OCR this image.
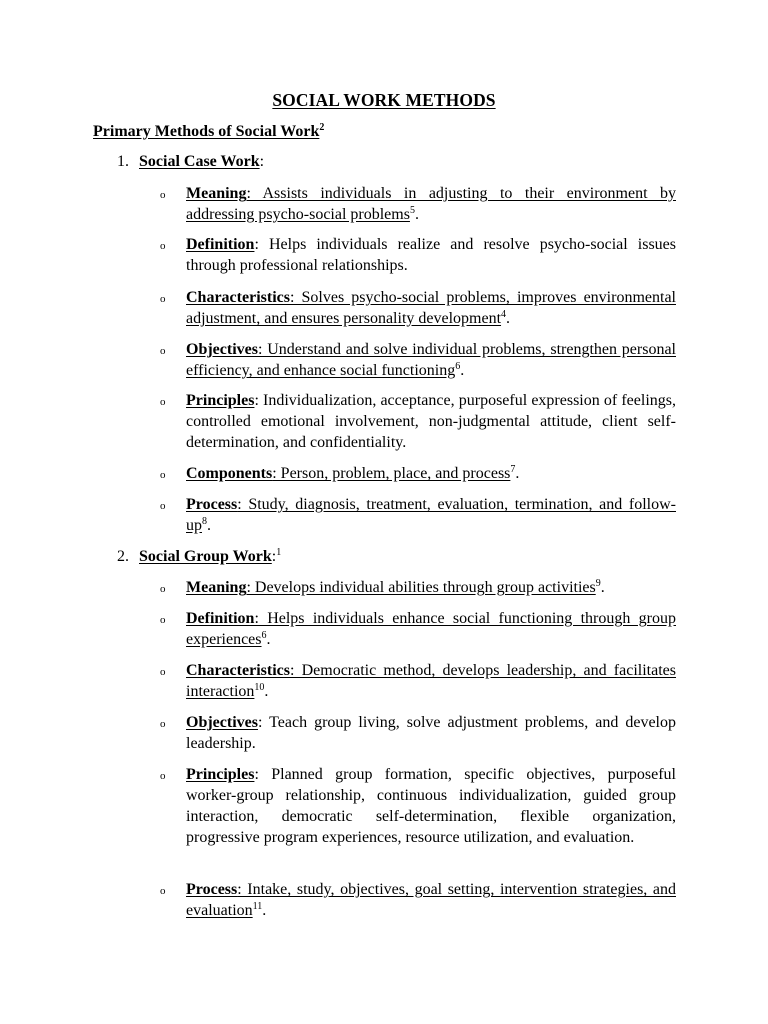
SOCIAL WORK METHODS
Primary Methods of Social Work$^2$
1. Social Case Work:
o Meaning: Assists individuals in adjusting to their environment by addressing psycho-social problems$^5$.
o Definition: Helps individuals realize and resolve psycho-social issues through professional relationships.
o Characteristics: Solves psycho-social problems, improves environmental adjustment, and ensures personality development$^4$.
o Objectives: Understand and solve individual problems, strengthen personal efficiency, and enhance social functioning$^6$.
o Principles: Individualization, acceptance, purposeful expression of feelings, controlled emotional involvement, non-judgmental attitude, client self-determination, and confidentiality.
o Components: Person, problem, place, and process$^7$.
o Process: Study, diagnosis, treatment, evaluation, termination, and follow-$up^8$.
2. Social Group Work:$^1$
o Meaning: Develops individual abilities through group activities$^9$.
o Definition: Helps individuals enhance social functioning through group experiences$^6$.
o Characteristics: Democratic method, develops leadership, and facilitates interaction$^{10}$.
o Objectives: Teach group living, solve adjustment problems, and develop leadership.
o Principles: Planned group formation, specific objectives, purposeful worker-group relationship, continuous individualization, guided group interaction, democratic self-determination, flexible organization, progressive program experiences, resource utilization, and evaluation.
o Process: Intake, study, objectives, goal setting, intervention strategies, and evaluation$^{11}$.
